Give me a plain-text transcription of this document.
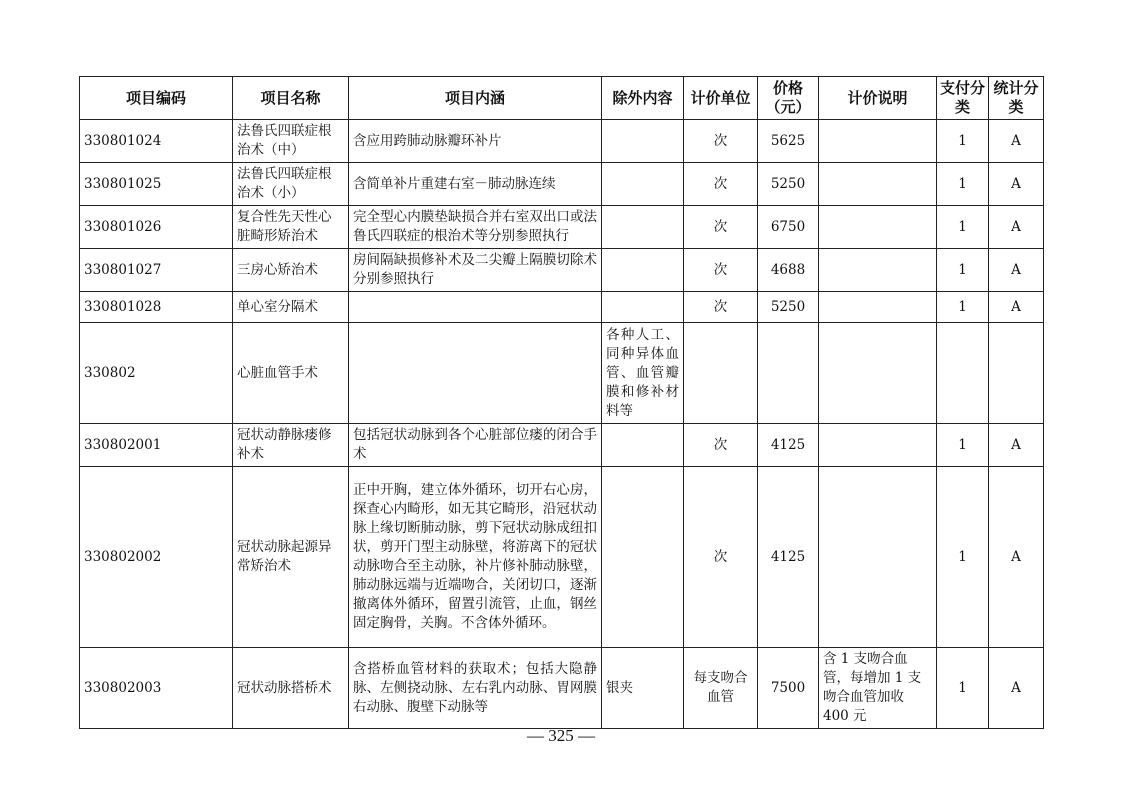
项目编码	项目名称	项目内涵	除外内容	计价单位	价格（元）	计价说明	支付分类	统计分类
330801024	法鲁氏四联症根治术（中）	含应用跨肺动脉瓣环补片		次	5625		1	A
330801025	法鲁氏四联症根治术（小）	含简单补片重建右室－肺动脉连续		次	5250		1	A
330801026	复合性先天性心脏畸形矫治术	完全型心内膜垫缺损合并右室双出口或法鲁氏四联症的根治术等分别参照执行		次	6750		1	A
330801027	三房心矫治术	房间隔缺损修补术及二尖瓣上隔膜切除术分别参照执行		次	4688		1	A
330801028	单心室分隔术			次	5250		1	A
330802	心脏血管手术		各种人工、同种异体血管、血管瓣膜和修补材料等					
330802001	冠状动静脉瘘修补术	包括冠状动脉到各个心脏部位瘘的闭合手术		次	4125		1	A
330802002	冠状动脉起源异常矫治术	正中开胸，建立体外循环，切开右心房，探查心内畸形，如无其它畸形，沿冠状动脉上缘切断肺动脉，剪下冠状动脉成纽扣状，剪开门型主动脉壁，将游离下的冠状动脉吻合至主动脉，补片修补肺动脉壁，肺动脉远端与近端吻合，关闭切口，逐渐撤离体外循环，留置引流管，止血，钢丝固定胸骨，关胸。不含体外循环。		次	4125		1	A
330802003	冠状动脉搭桥术	含搭桥血管材料的获取术；包括大隐静脉、左侧挠动脉、左右乳内动脉、胃网膜右动脉、腹壁下动脉等	银夹	每支吻合血管	7500	含 1 支吻合血管，每增加 1 支吻合血管加收 400 元	1	A
— 325 —
